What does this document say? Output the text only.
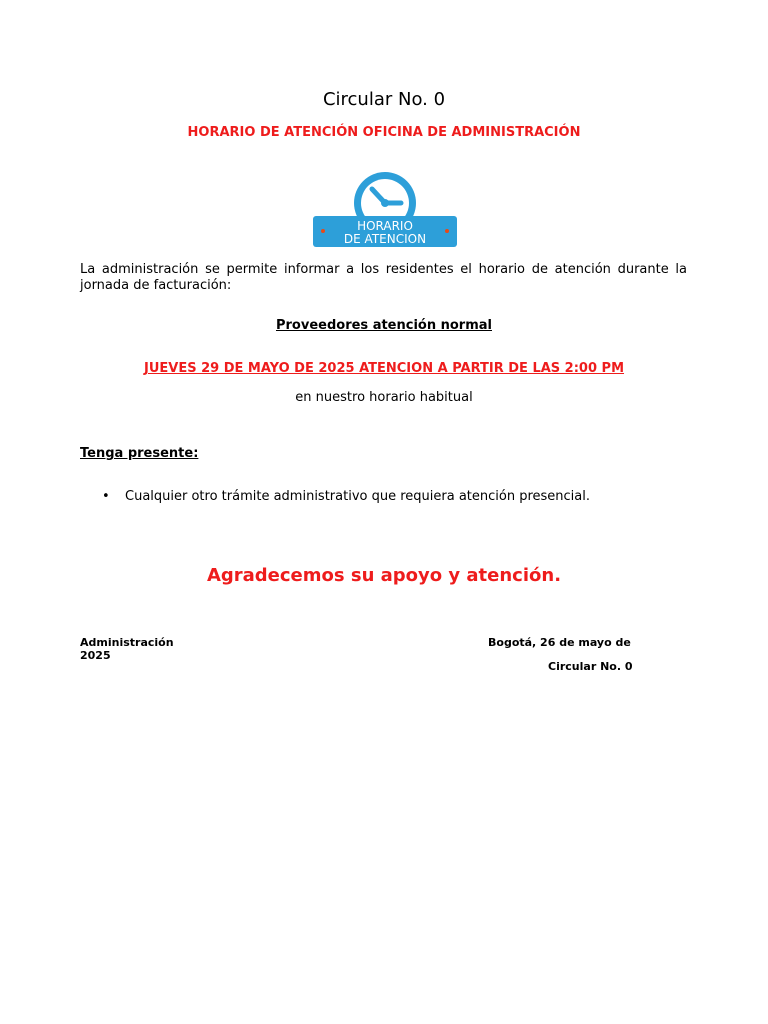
Circular No. 0
HORARIO DE ATENCIÓN OFICINA DE ADMINISTRACIÓN
HORARIO
DE ATENCION
La administración se permite informar a los residentes el horario de atención durante la jornada de facturación:
Proveedores atención normal
JUEVES 29 DE MAYO DE 2025 ATENCION A PARTIR DE LAS 2:00 PM
en nuestro horario habitual
Tenga presente:
• Cualquier otro trámite administrativo que requiera atención presencial.
Agradecemos su apoyo y atención.
Administración
2025
Bogotá, 26 de mayo de
Circular No. 0
